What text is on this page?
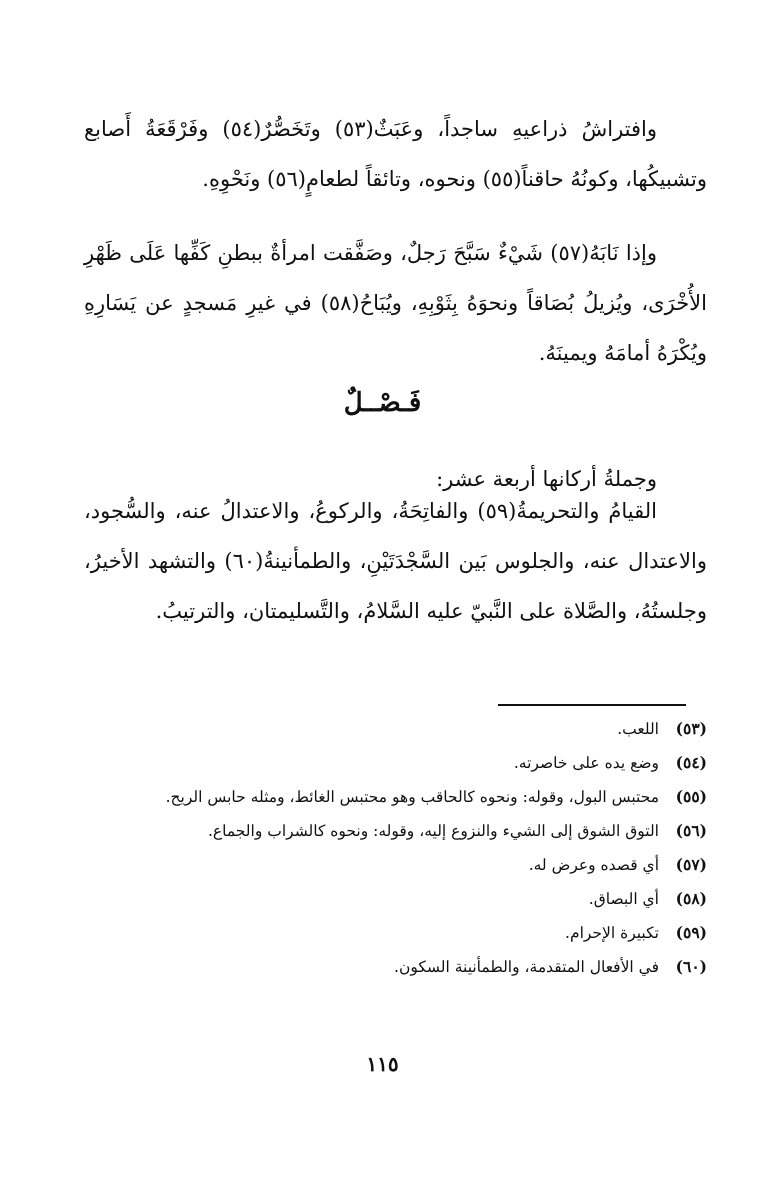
وافتراشُ ذراعيهِ ساجداً، وعَبَثٌ(٥٣) وتَخَصُّرٌ(٥٤) وفَرْقَعَةُ أَصابع وتشبيكُها، وكونُهُ حاقناً(٥٥) ونحوه، وتائقاً لطعامٍ(٥٦) ونَحْوِهِ.

وإذا نَابَهُ(٥٧) شَيْءٌ سَبَّحَ رَجلٌ، وصَفَّقت امرأةٌ ببطنِ كَفِّها عَلَى ظَهْرِ الأُخْرَى، ويُزيلُ بُصَاقاً ونحوَهُ بِثَوْبِهِ، ويُبَاحُ(٥٨) في غيرِ مَسجدٍ عن يَسَارِهِ ويُكْرَهُ أمامَهُ ويمينَهُ.

فَـصْــلٌ

وجملةُ أركانها أربعة عشر:

القيامُ والتحريمةُ(٥٩) والفاتِحَةُ، والركوعُ، والاعتدالُ عنه، والسُّجود، والاعتدال عنه، والجلوس بَين السَّجْدَتَيْنِ، والطمأنينةُ(٦٠) والتشهد الأخيرُ، وجلستُهُ، والصَّلاة على النَّبيّ عليه السَّلامُ، والتَّسليمتان، والترتيبُ.

(٥٣)
اللعب.
(٥٤)
وضع يده على خاصرته.
(٥٥)
محتبس البول، وقوله: ونحوه كالحاقب وهو محتبس الغائط، ومثله حابس الريح.
(٥٦)
التوق الشوق إلى الشيء والنزوع إليه، وقوله: ونحوه كالشراب والجماع.
(٥٧)
أي قصده وعرض له.
(٥٨)
أي البصاق.
(٥٩)
تكبيرة الإحرام.
(٦٠)
في الأفعال المتقدمة، والطمأنينة السكون.
١١٥
